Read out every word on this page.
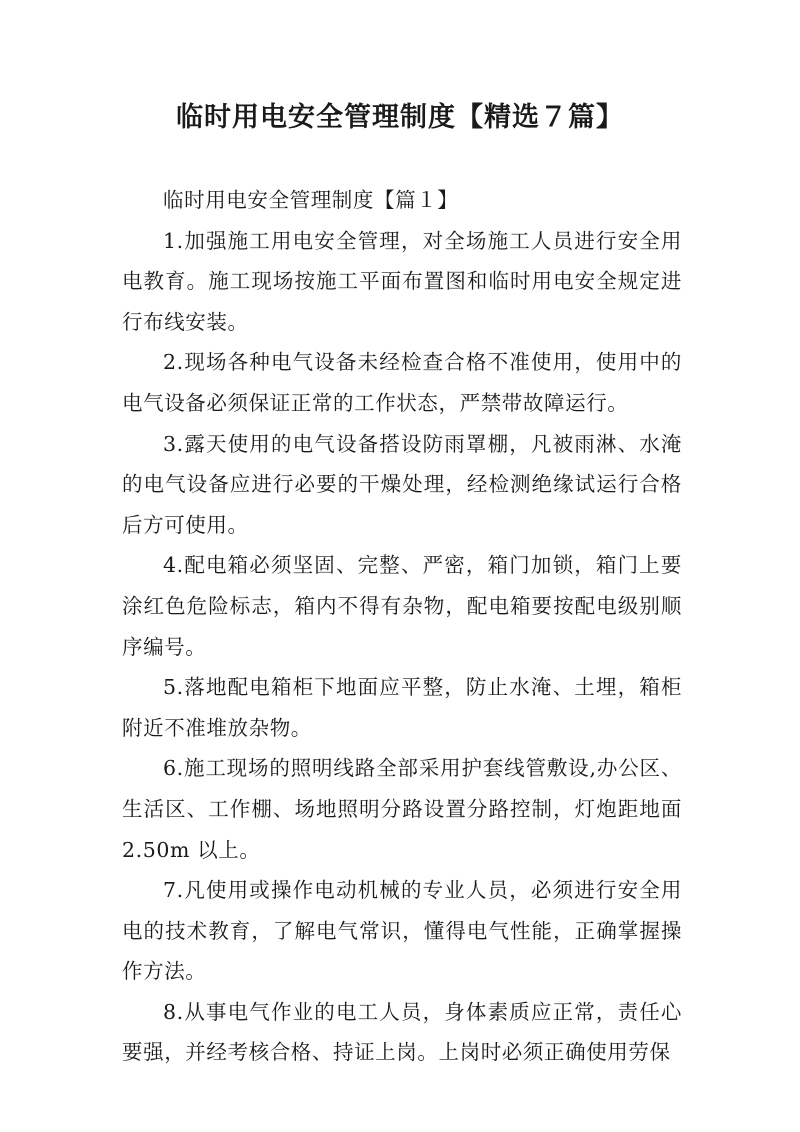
临时用电安全管理制度【精选７篇】

临时用电安全管理制度【篇１】

1.加强施工用电安全管理，对全场施工人员进行安全用电教育。施工现场按施工平面布置图和临时用电安全规定进行布线安装。

2.现场各种电气设备未经检查合格不准使用，使用中的电气设备必须保证正常的工作状态，严禁带故障运行。

3.露天使用的电气设备搭设防雨罩棚，凡被雨淋、水淹的电气设备应进行必要的干燥处理，经检测绝缘试运行合格后方可使用。

4.配电箱必须坚固、完整、严密，箱门加锁，箱门上要涂红色危险标志，箱内不得有杂物，配电箱要按配电级别顺序编号。

5.落地配电箱柜下地面应平整，防止水淹、土埋，箱柜附近不准堆放杂物。

6.施工现场的照明线路全部采用护套线管敷设,办公区、生活区、工作棚、场地照明分路设置分路控制，灯炮距地面2.50m 以上。

7.凡使用或操作电动机械的专业人员，必须进行安全用电的技术教育，了解电气常识，懂得电气性能，正确掌握操作方法。

8.从事电气作业的电工人员，身体素质应正常，责任心要强，并经考核合格、持证上岗。上岗时必须正确使用劳保
